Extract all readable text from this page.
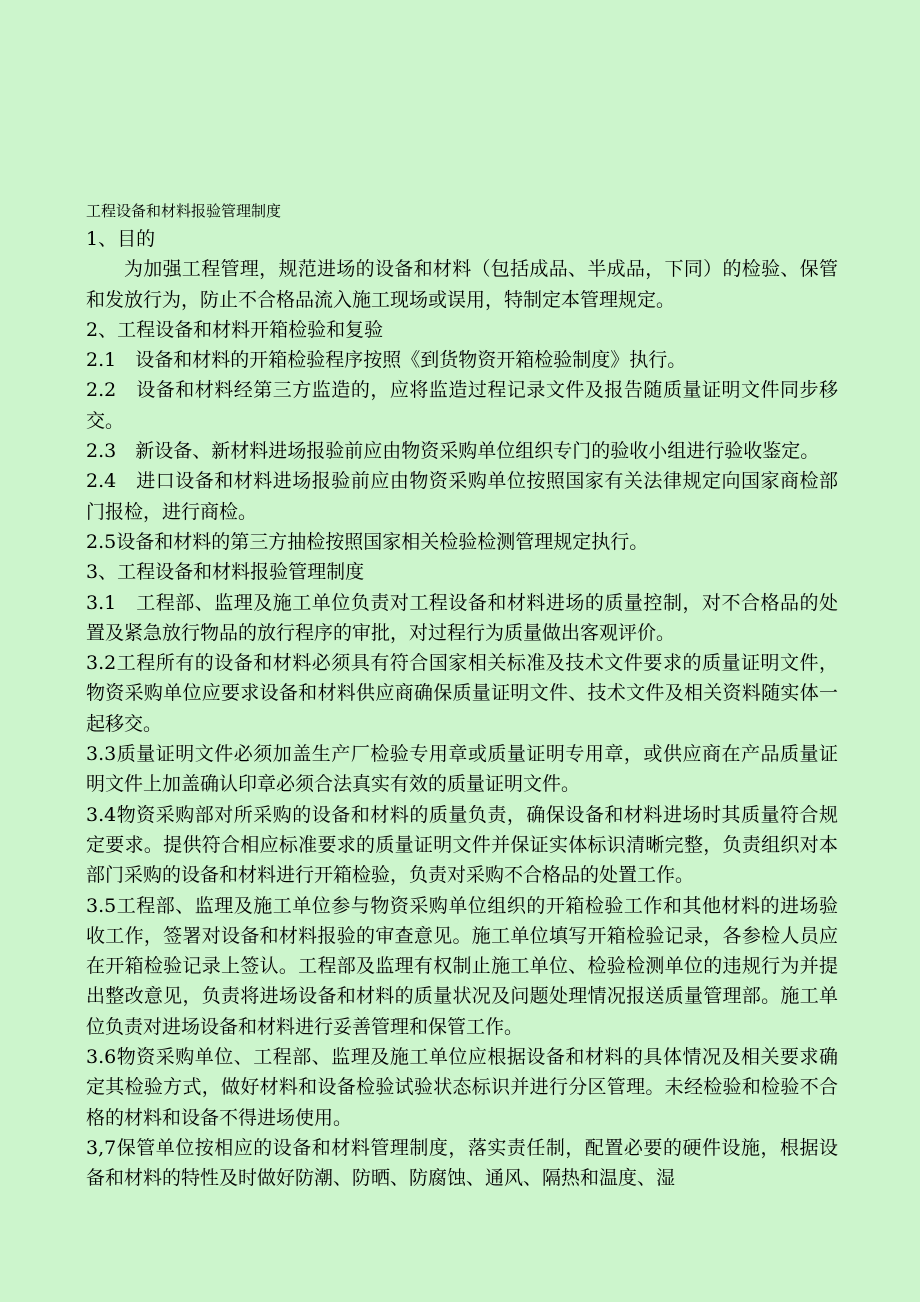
工程设备和材料报验管理制度

1、目的

为加强工程管理，规范进场的设备和材料（包括成品、半成品，下同）的检验、保管和发放行为，防止不合格品流入施工现场或误用，特制定本管理规定。

2、工程设备和材料开箱检验和复验

2.1　设备和材料的开箱检验程序按照《到货物资开箱检验制度》执行。

2.2　设备和材料经第三方监造的，应将监造过程记录文件及报告随质量证明文件同步移交。

2.3　新设备、新材料进场报验前应由物资采购单位组织专门的验收小组进行验收鉴定。

2.4　进口设备和材料进场报验前应由物资采购单位按照国家有关法律规定向国家商检部门报检，进行商检。

2.5设备和材料的第三方抽检按照国家相关检验检测管理规定执行。

3、工程设备和材料报验管理制度

3.1　工程部、监理及施工单位负责对工程设备和材料进场的质量控制，对不合格品的处置及紧急放行物品的放行程序的审批，对过程行为质量做出客观评价。

3.2工程所有的设备和材料必须具有符合国家相关标准及技术文件要求的质量证明文件，物资采购单位应要求设备和材料供应商确保质量证明文件、技术文件及相关资料随实体一起移交。

3.3质量证明文件必须加盖生产厂检验专用章或质量证明专用章，或供应商在产品质量证明文件上加盖确认印章必须合法真实有效的质量证明文件。

3.4物资采购部对所采购的设备和材料的质量负责，确保设备和材料进场时其质量符合规定要求。提供符合相应标准要求的质量证明文件并保证实体标识清晰完整，负责组织对本部门采购的设备和材料进行开箱检验，负责对采购不合格品的处置工作。

3.5工程部、监理及施工单位参与物资采购单位组织的开箱检验工作和其他材料的进场验收工作，签署对设备和材料报验的审查意见。施工单位填写开箱检验记录，各参检人员应在开箱检验记录上签认。工程部及监理有权制止施工单位、检验检测单位的违规行为并提出整改意见，负责将进场设备和材料的质量状况及问题处理情况报送质量管理部。施工单位负责对进场设备和材料进行妥善管理和保管工作。

3.6物资采购单位、工程部、监理及施工单位应根据设备和材料的具体情况及相关要求确定其检验方式，做好材料和设备检验试验状态标识并进行分区管理。未经检验和检验不合格的材料和设备不得进场使用。

3,7保管单位按相应的设备和材料管理制度，落实责任制，配置必要的硬件设施，根据设备和材料的特性及时做好防潮、防晒、防腐蚀、通风、隔热和温度、湿
